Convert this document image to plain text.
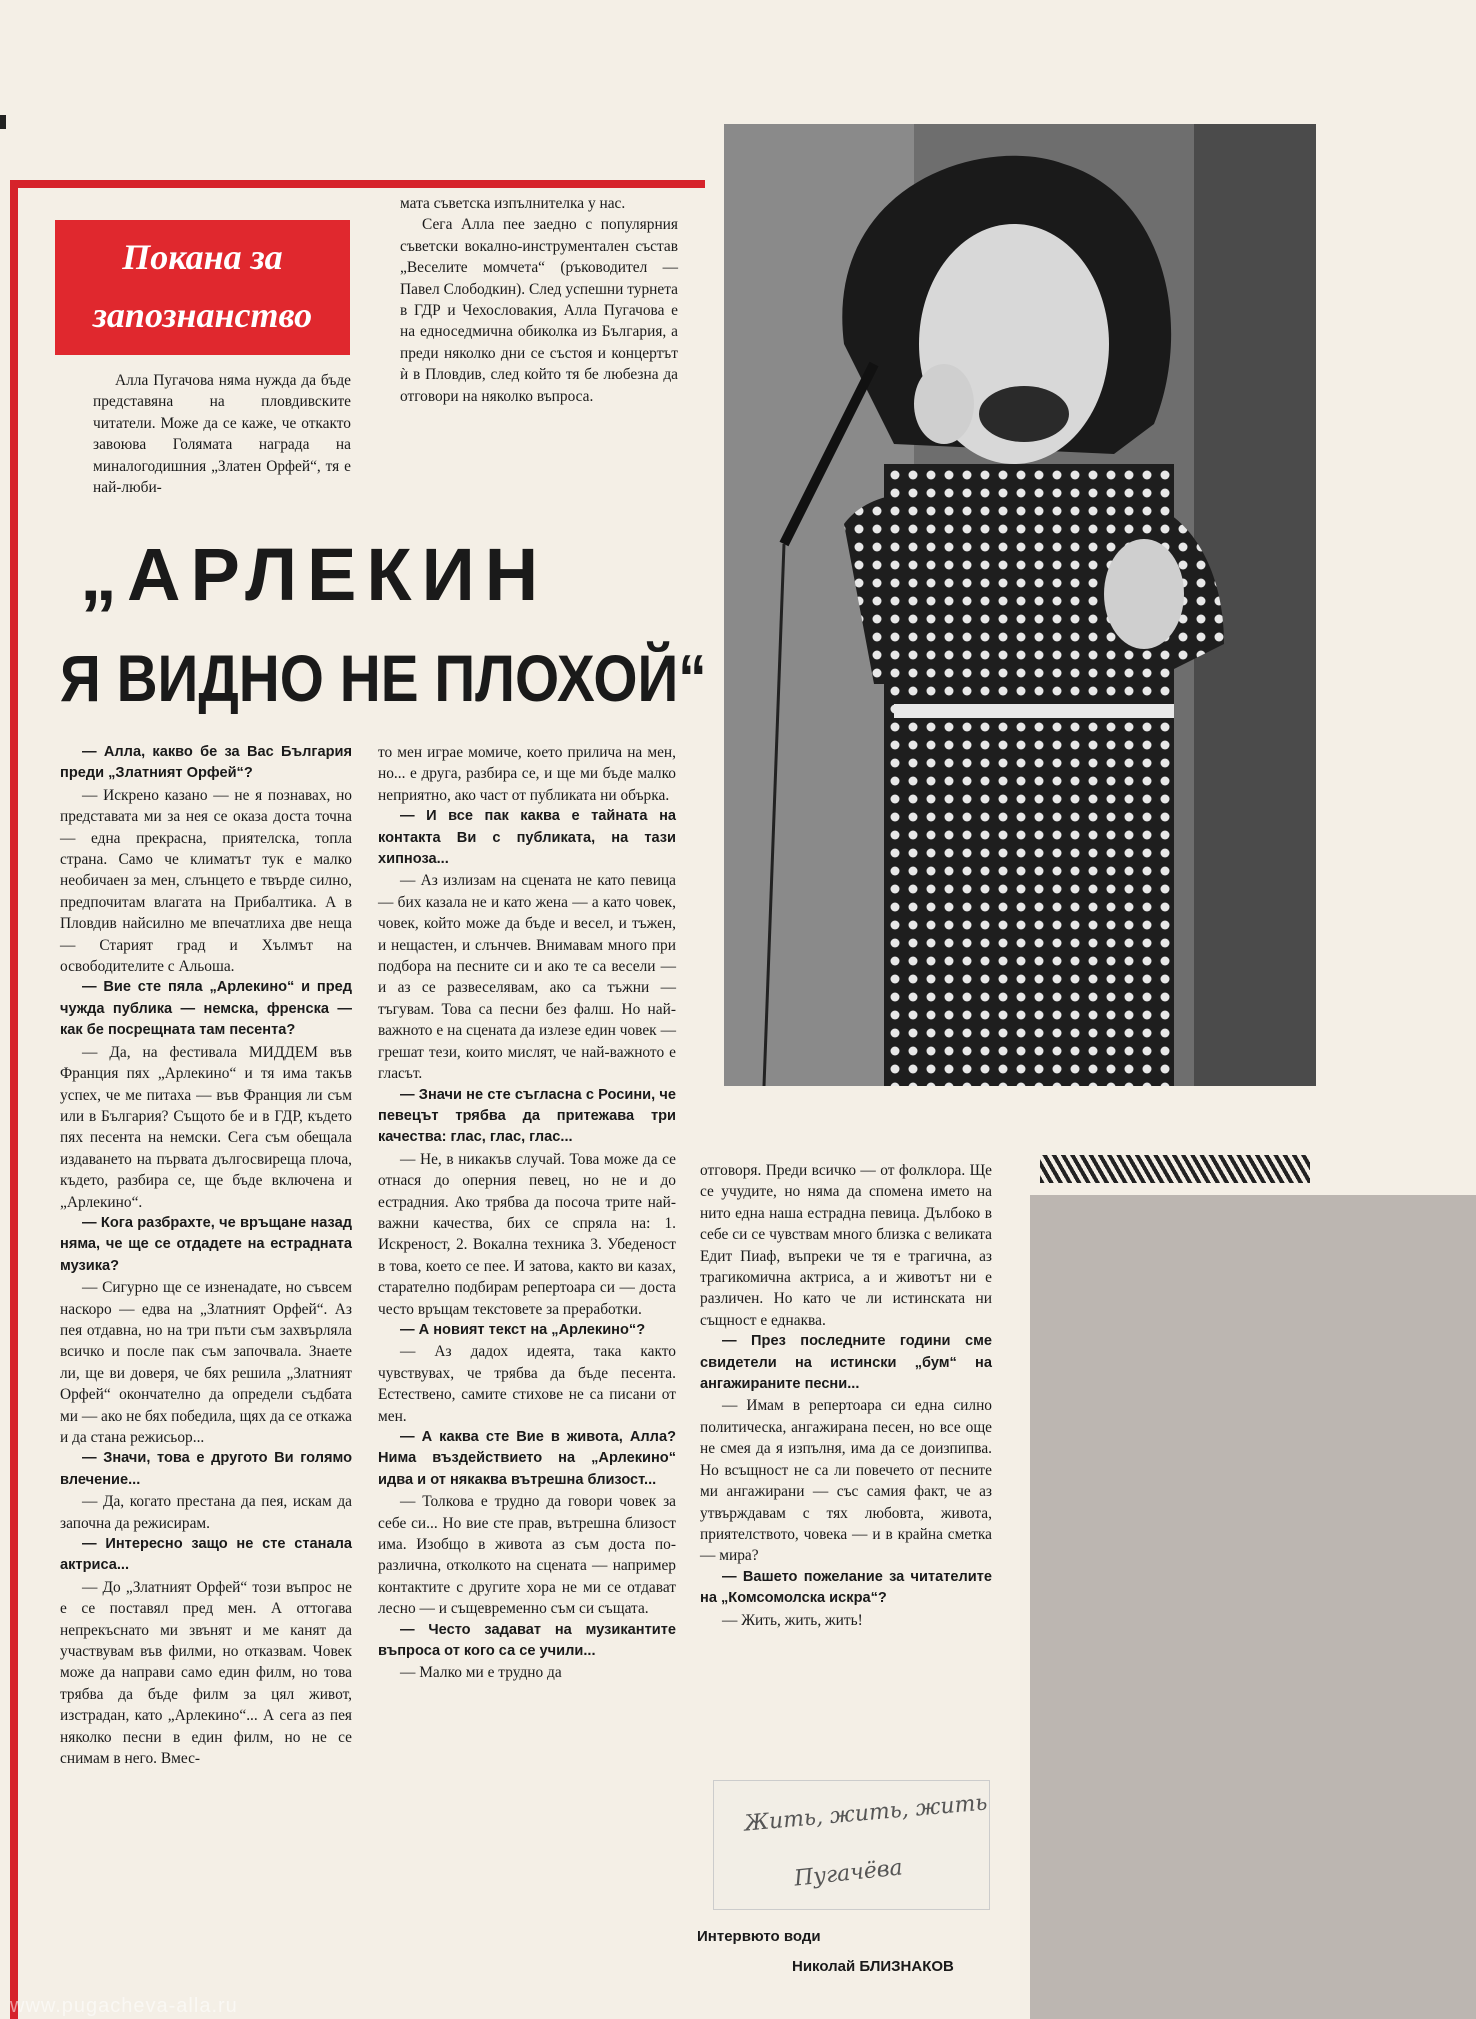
Покана за
запознанство

Алла Пугачова няма нужда да бъде представяна на пловдивските читатели. Може да се каже, че откакто завоюва Голямата награда на миналогодишния „Златен Орфей“, тя е най-люби-

мата съветска изпълнителка у нас.

Сега Алла пее заедно с популярния съветски вокално-инструментален състав „Веселите момчета“ (ръководител — Павел Слободкин). След успешни турнета в ГДР и Чехословакия, Алла Пугачова е на едноседмична обиколка из България, а преди няколко дни се състоя и концертът ѝ в Пловдив, след който тя бе любезна да отговори на няколко въпроса.

„АРЛЕКИН
Я ВИДНО НЕ ПЛОХОЙ“

— Алла, какво бе за Вас България преди „Златният Орфей“?

— Искрено казано — не я познавах, но представата ми за нея се оказа доста точна — една прекрасна, приятелска, топла страна. Само че климатът тук е малко необичаен за мен, слънцето е твърде силно, предпочитам влагата на Прибалтика. А в Пловдив найсилно ме впечатлиха две неща — Старият град и Хълмът на освободителите с Альоша.

— Вие сте пяла „Арлекино“ и пред чужда публика — немска, френска — как бе посрещната там песента?

— Да, на фестивала МИДДЕМ във Франция пях „Арлекино“ и тя има такъв успех, че ме питаха — във Франция ли съм или в България? Същото бе и в ГДР, където пях песента на немски. Сега съм обещала издаването на първата дългосвиреща плоча, където, разбира се, ще бъде включена и „Арлекино“.

— Кога разбрахте, че връщане назад няма, че ще се отдадете на естрадната музика?

— Сигурно ще се изненадате, но съвсем наскоро — едва на „Златният Орфей“. Аз пея отдавна, но на три пъти съм захвърляла всичко и после пак съм започвала. Знаете ли, ще ви доверя, че бях решила „Златният Орфей“ окончателно да определи съдбата ми — ако не бях победила, щях да се откажа и да стана режисьор...

— Значи, това е другото Ви голямо влечение...

— Да, когато престана да пея, искам да започна да режисирам.

— Интересно защо не сте станала актриса...

— До „Златният Орфей“ този въпрос не е се поставял пред мен. А оттогава непрекъснато ми звънят и ме канят да участвувам във филми, но отказвам. Човек може да направи само един филм, но това трябва да бъде филм за цял живот, изстрадан, като „Арлекино“... А сега аз пея няколко песни в един филм, но не се снимам в него. Вмес-

то мен играе момиче, което прилича на мен, но... е друга, разбира се, и ще ми бъде малко неприятно, ако част от публиката ни обърка.

— И все пак каква е тайната на контакта Ви с публиката, на тази хипноза...

— Аз излизам на сцената не като певица — бих казала не и като жена — а като човек, човек, който може да бъде и весел, и тъжен, и нещастен, и слънчев. Внимавам много при подбора на песните си и ако те са весели — и аз се развеселявам, ако са тъжни — тъгувам. Това са песни без фалш. Но най-важното е на сцената да излезе един човек — грешат тези, които мислят, че най-важното е гласът.

— Значи не сте съгласна с Росини, че певецът трябва да притежава три качества: глас, глас, глас...

— Не, в никакъв случай. Това може да се отнася до оперния певец, но не и до естрадния. Ако трябва да посоча трите най-важни качества, бих се спряла на: 1. Искреност, 2. Вокална техника 3. Убеденост в това, което се пее. И затова, както ви казах, старателно подбирам репертоара си — доста често връщам текстовете за преработки.

— А новият текст на „Арлекино“?

— Аз дадох идеята, така както чувствувах, че трябва да бъде песента. Естествено, самите стихове не са писани от мен.

— А каква сте Вие в живота, Алла? Нима въздействието на „Арлекино“ идва и от някаква вътрешна близост...

— Толкова е трудно да говори човек за себе си... Но вие сте прав, вътрешна близост има. Изобщо в живота аз съм доста по-различна, отколкото на сцената — например контактите с другите хора не ми се отдават лесно — и същевременно съм си същата.

— Често задават на музикантите въпроса от кого са се учили...

— Малко ми е трудно да

отговоря. Преди всичко — от фолклора. Ще се учудите, но няма да спомена името на нито една наша естрадна певица. Дълбоко в себе си се чувствам много близка с великата Едит Пиаф, въпреки че тя е трагична, аз трагикомична актриса, а и животът ни е различен. Но като че ли истинската ни същност е еднаква.

— През последните години сме свидетели на истински „бум“ на ангажираните песни...

— Имам в репертоара си една силно политическа, ангажирана песен, но все още не смея да я изпълня, има да се доизпипва. Но всъщност не са ли повечето от песните ми ангажирани — със самия факт, че аз утвърждавам с тях любовта, живота, приятелството, човека — и в крайна сметка — мира?

— Вашето пожелание за читателите на „Комсомолска искра“?

— Жить, жить, жить!

Жить, жить, жить
Пугачёва
Интервюто води
Николай БЛИЗНАКОВ
www.pugacheva-alla.ru
